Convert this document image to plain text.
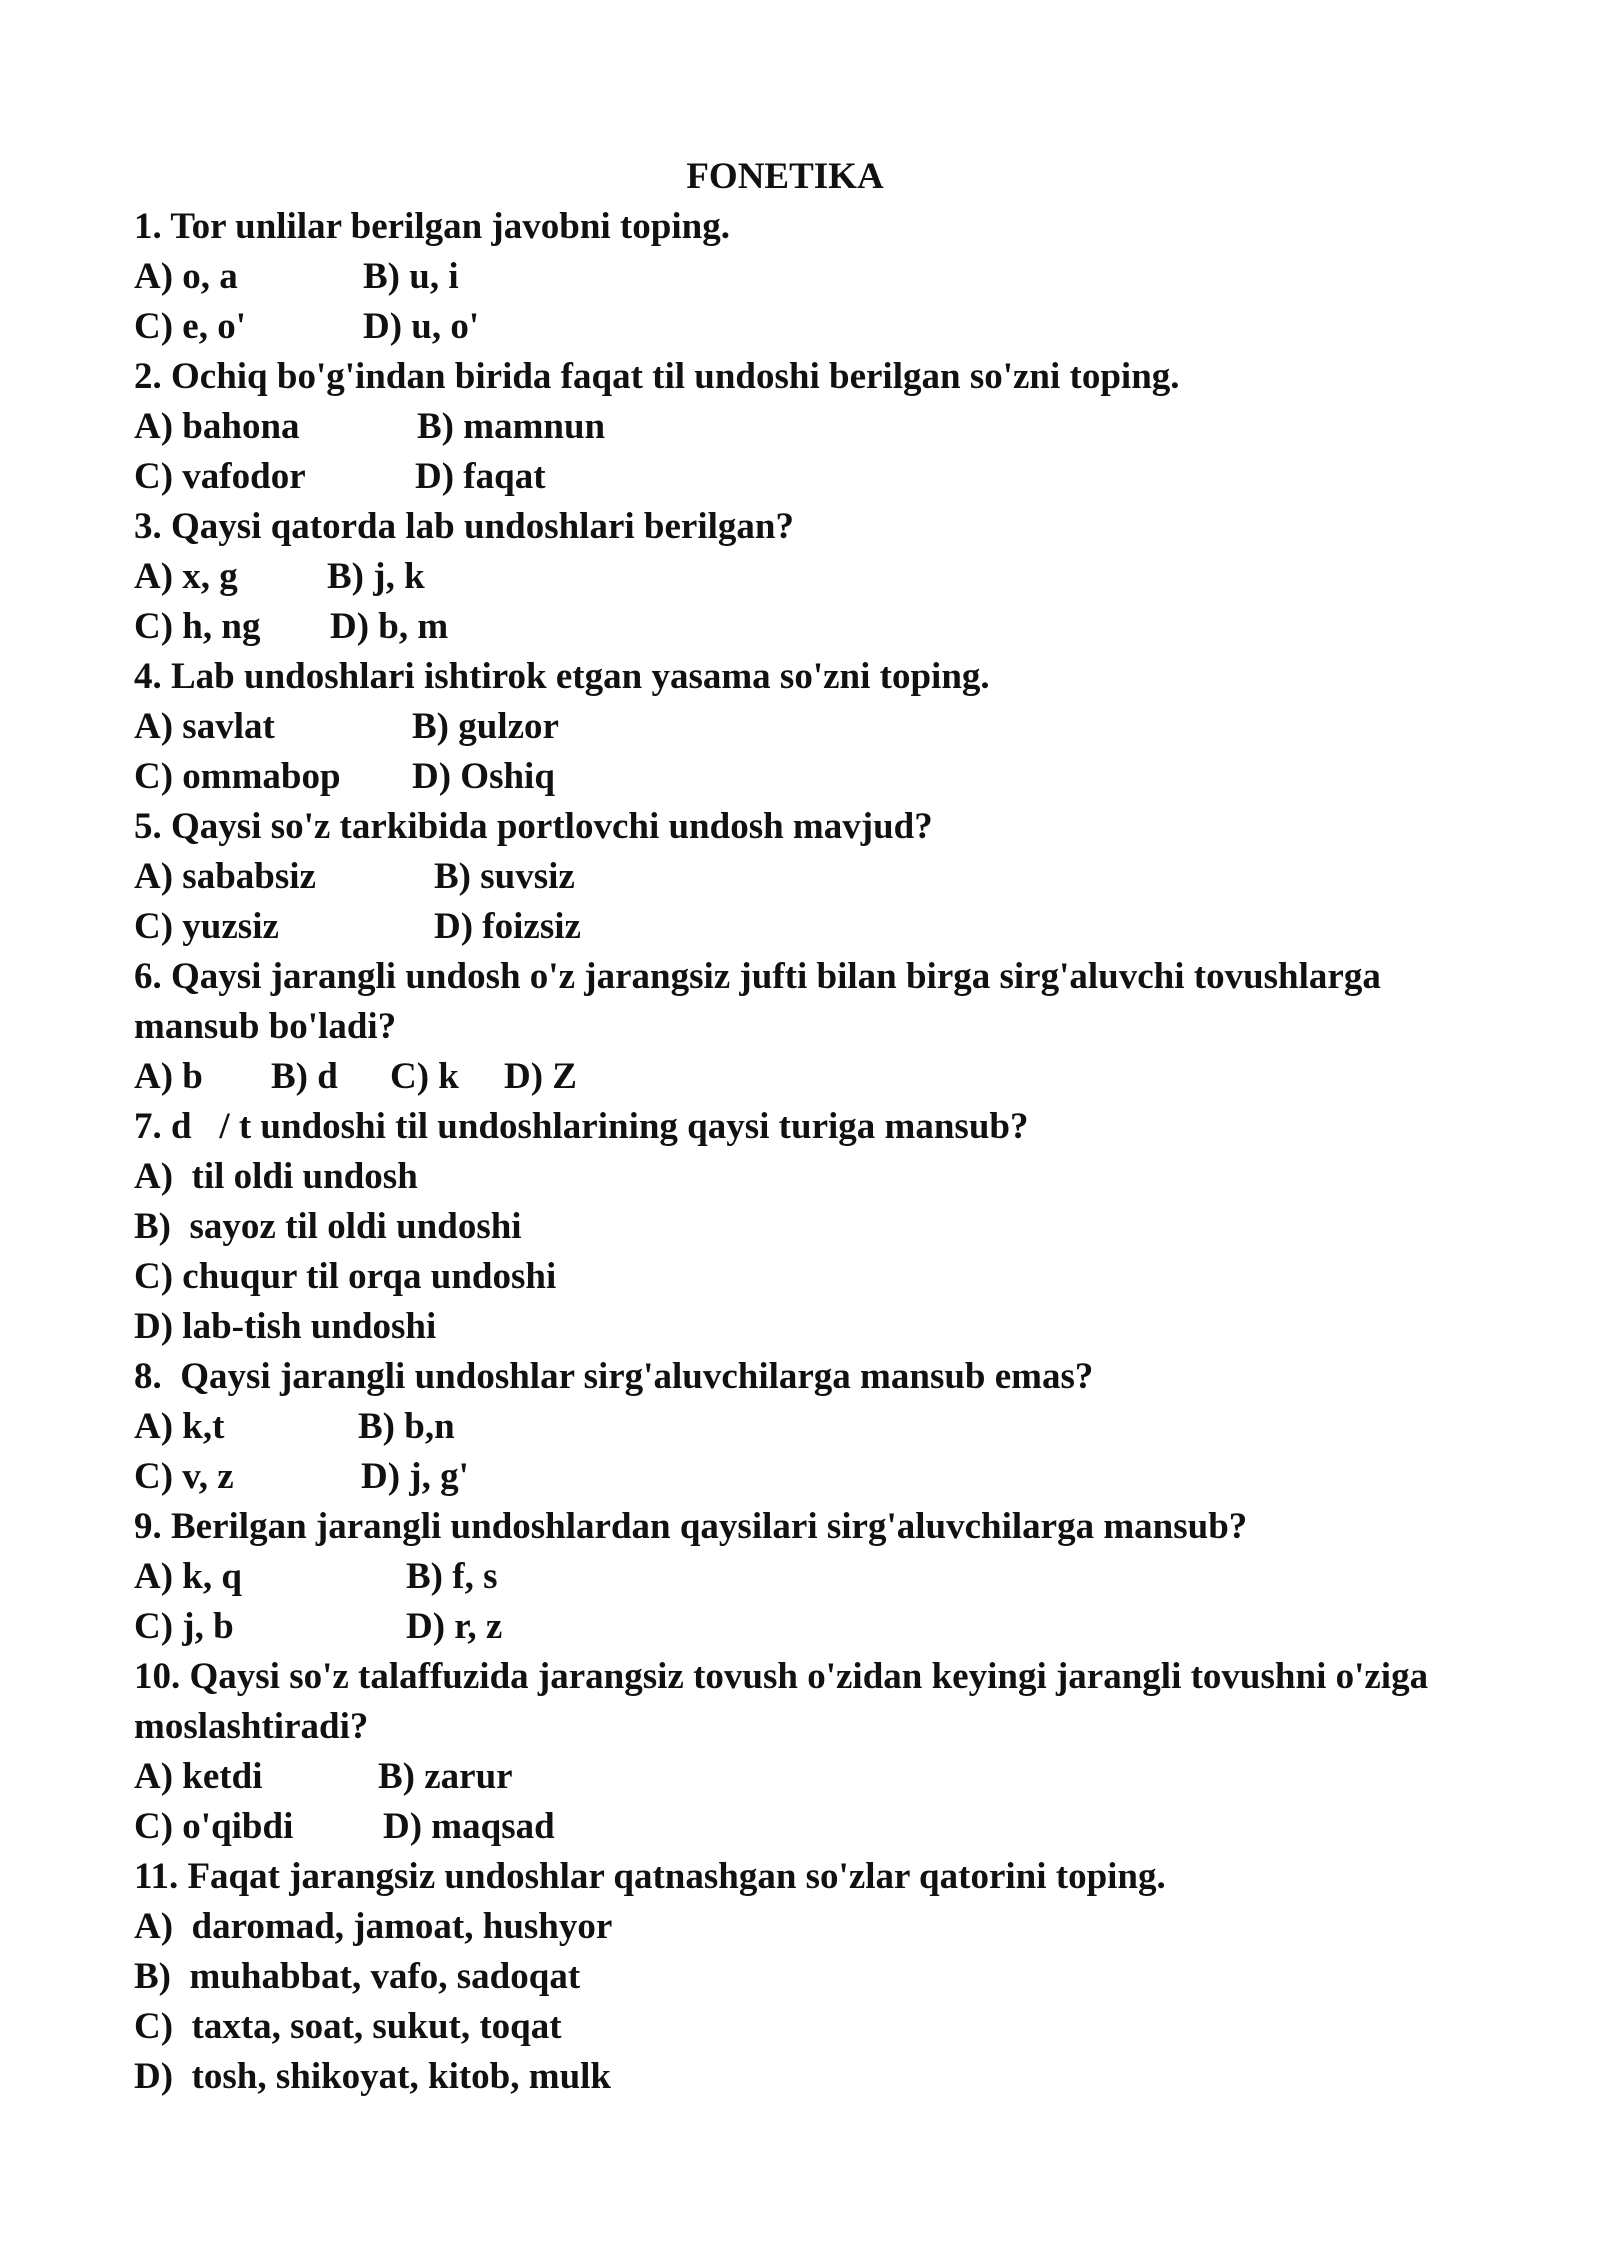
FONETIKA
1. Tor unlilar berilgan javobni toping.
A) o, a	B) u, i
C) e, o'	D) u, o'
2. Ochiq bo'g'indan birida faqat til undoshi berilgan so'zni toping.
A) bahona	B) mamnun
C) vafodor	D) faqat
3. Qaysi qatorda lab undoshlari berilgan?
A) x, g B) j, k
C) h, ng D) b, m
4. Lab undoshlari ishtirok etgan yasama so'zni toping.
A) savlat	B) gulzor
C) ommabop D) Oshiq
5. Qaysi so'z tarkibida portlovchi undosh mavjud?
A) sababsiz	B) suvsiz
C) yuzsiz	D) foizsiz
6. Qaysi jarangli undosh o'z jarangsiz jufti bilan birga sirg'aluvchi tovushlarga
mansub bo'ladi?
A) b B) d C) k D) Z
7. d   / t undoshi til undoshlarining qaysi turiga mansub?
A)  til oldi undosh
B)  sayoz til oldi undoshi
C) chuqur til orqa undoshi
D) lab-tish undoshi
8.  Qaysi jarangli undoshlar sirg'aluvchilarga mansub emas?
A) k,t	B) b,n
C) v, z	D) j, g'
9. Berilgan jarangli undoshlardan qaysilari sirg'aluvchilarga mansub?
A) k, q	B) f, s
C) j, b	D) r, z
10. Qaysi so'z talaffuzida jarangsiz tovush o'zidan keyingi jarangli tovushni o'ziga
moslashtiradi?
A) ketdi	B) zarur
C) o'qibdi D) maqsad
11. Faqat jarangsiz undoshlar qatnashgan so'zlar qatorini toping.
A)  daromad, jamoat, hushyor
B)  muhabbat, vafo, sadoqat
C)  taxta, soat, sukut, toqat
D)  tosh, shikoyat, kitob, mulk
